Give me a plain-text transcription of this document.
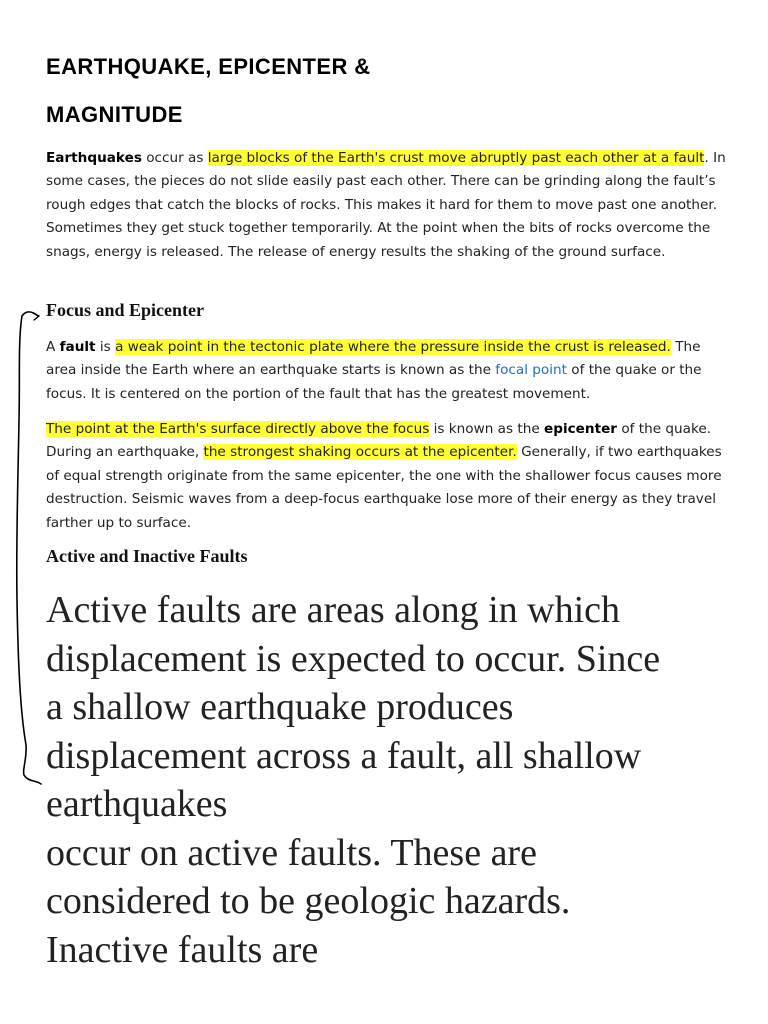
EARTHQUAKE, EPICENTER &
MAGNITUDE

Earthquakes occur as large blocks of the Earth's crust move abruptly past each other at a fault. In some cases, the pieces do not slide easily past each other. There can be grinding along the fault’s rough edges that catch the blocks of rocks. This makes it hard for them to move past one another. Sometimes they get stuck together temporarily. At the point when the bits of rocks overcome the snags, energy is released. The release of energy results the shaking of the ground surface.

Focus and Epicenter

A fault is a weak point in the tectonic plate where the pressure inside the crust is released. The area inside the Earth where an earthquake starts is known as the focal point of the quake or the focus. It is centered on the portion of the fault that has the greatest movement.

The point at the Earth's surface directly above the focus is known as the epicenter of the quake. During an earthquake, the strongest shaking occurs at the epicenter. Generally, if two earthquakes of equal strength originate from the same epicenter, the one with the shallower focus causes more destruction. Seismic waves from a deep-focus earthquake lose more of their energy as they travel farther up to surface.

Active and Inactive Faults
Active faults are areas along in which
displacement is expected to occur. Since
a shallow earthquake produces
displacement across a fault, all shallow
earthquakes
occur on active faults. These are
considered to be geologic hazards.
Inactive faults are
